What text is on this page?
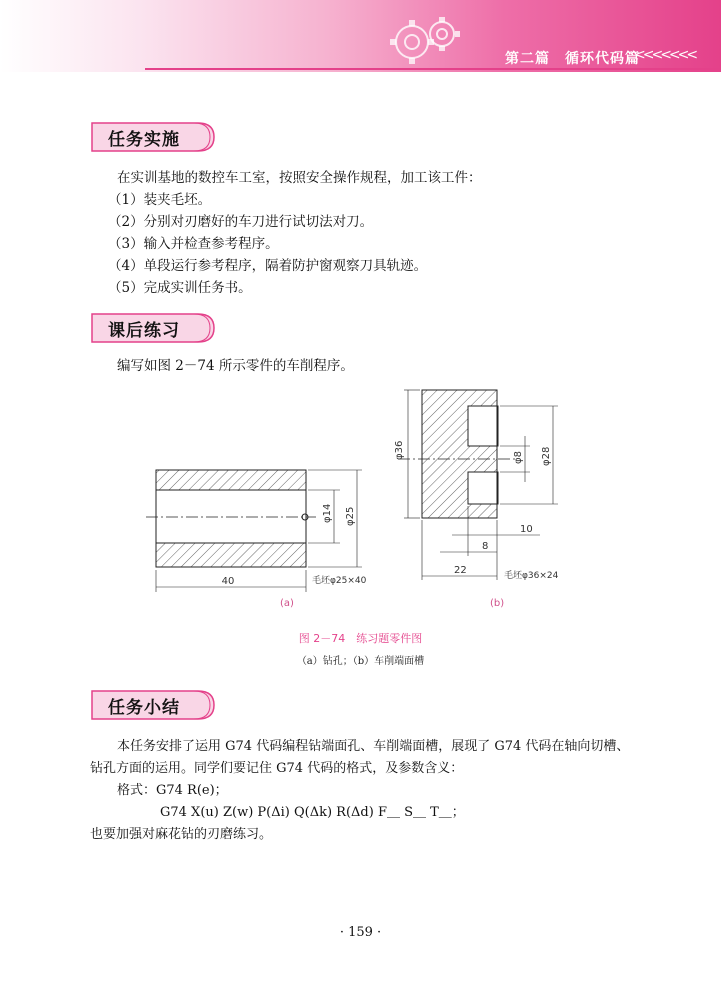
第二篇　循环代码篇
<<<<<<<
任务实施
在实训基地的数控车工室，按照安全操作规程，加工该工件：
（1）装夹毛坯。
（2）分别对刃磨好的车刀进行试切法对刀。
（3）输入并检查参考程序。
（4）单段运行参考程序，隔着防护窗观察刀具轨迹。
（5）完成实训任务书。
课后练习
编写如图 2－74 所示零件的车削程序。
40
φ14 φ25
毛坯φ25×40
(a)
φ36	φ8 φ28
10
8
22	毛坯φ36×24
(b)
图 2－74　练习题零件图
（a）钻孔；（b）车削端面槽
任务小结
本任务安排了运用 G74 代码编程钻端面孔、车削端面槽，展现了 G74 代码在轴向切槽、
钻孔方面的运用。同学们要记住 G74 代码的格式，及参数含义：
格式：G74 R(e)；
G74 X(u) Z(w) P(Δi) Q(Δk) R(Δd) F＿ S＿ T＿；
也要加强对麻花钻的刃磨练习。
· 159 ·
